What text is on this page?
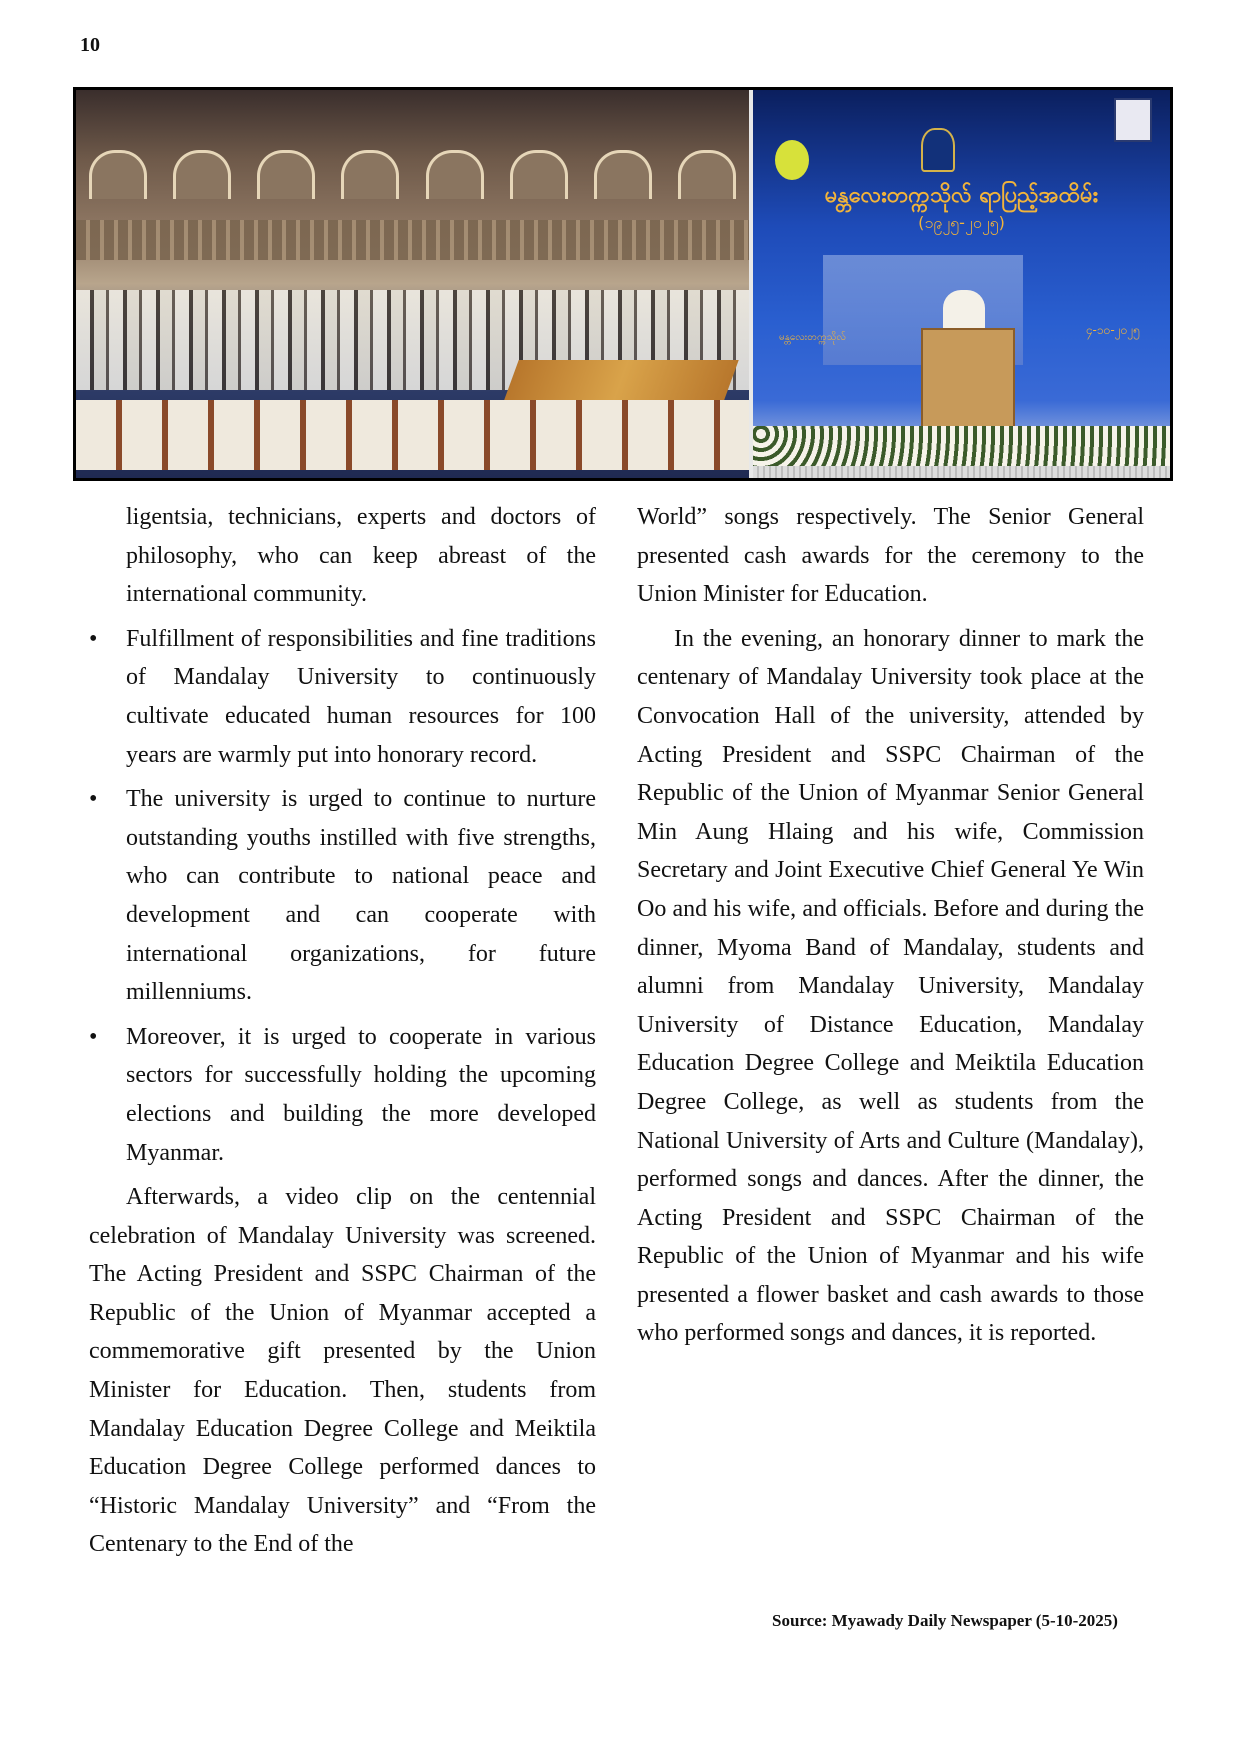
10
မန္တလေးတက္ကသိုလ် ရာပြည့်အထိမ်း
(၁၉၂၅-၂၀၂၅)
မန္တလေးတက္ကသိုလ်
၄-၁၀-၂၀၂၅

ligentsia, technicians, experts and doctors of philosophy, who can keep abreast of the international community.

•	Fulfillment of responsibilities and fine traditions of Mandalay University to continuously cultivate educated human resources for 100 years are warmly put into honorary record.

•	The university is urged to continue to nurture outstanding youths instilled with five strengths, who can contribute to national peace and development and can cooperate with international organizations, for future millenniums.

•	Moreover, it is urged to cooperate in various sectors for successfully holding the upcoming elections and building the more developed Myanmar.

Afterwards, a video clip on the centennial celebration of Mandalay University was screened. The Acting President and SSPC Chairman of the Republic of the Union of Myanmar accepted a commemorative gift presented by the Union Minister for Education. Then, students from Mandalay Education Degree College and Meiktila Education Degree College performed dances to “Historic Mandalay University” and “From the Centenary to the End of the

World” songs respectively. The Senior General presented cash awards for the ceremony to the Union Minister for Education.

In the evening, an honorary dinner to mark the centenary of Mandalay University took place at the Convocation Hall of the university, attended by Acting President and SSPC Chairman of the Republic of the Union of Myanmar Senior General Min Aung Hlaing and his wife, Commission Secretary and Joint Executive Chief General Ye Win Oo and his wife, and officials. Before and during the dinner, Myoma Band of Mandalay, students and alumni from Mandalay University, Mandalay University of Distance Education, Mandalay Education Degree College and Meiktila Education Degree College, as well as students from the National University of Arts and Culture (Mandalay), performed songs and dances. After the dinner, the Acting President and SSPC Chairman of the Republic of the Union of Myanmar and his wife presented a flower basket and cash awards to those who performed songs and dances, it is reported.

Source: Myawady Daily Newspaper (5-10-2025)
